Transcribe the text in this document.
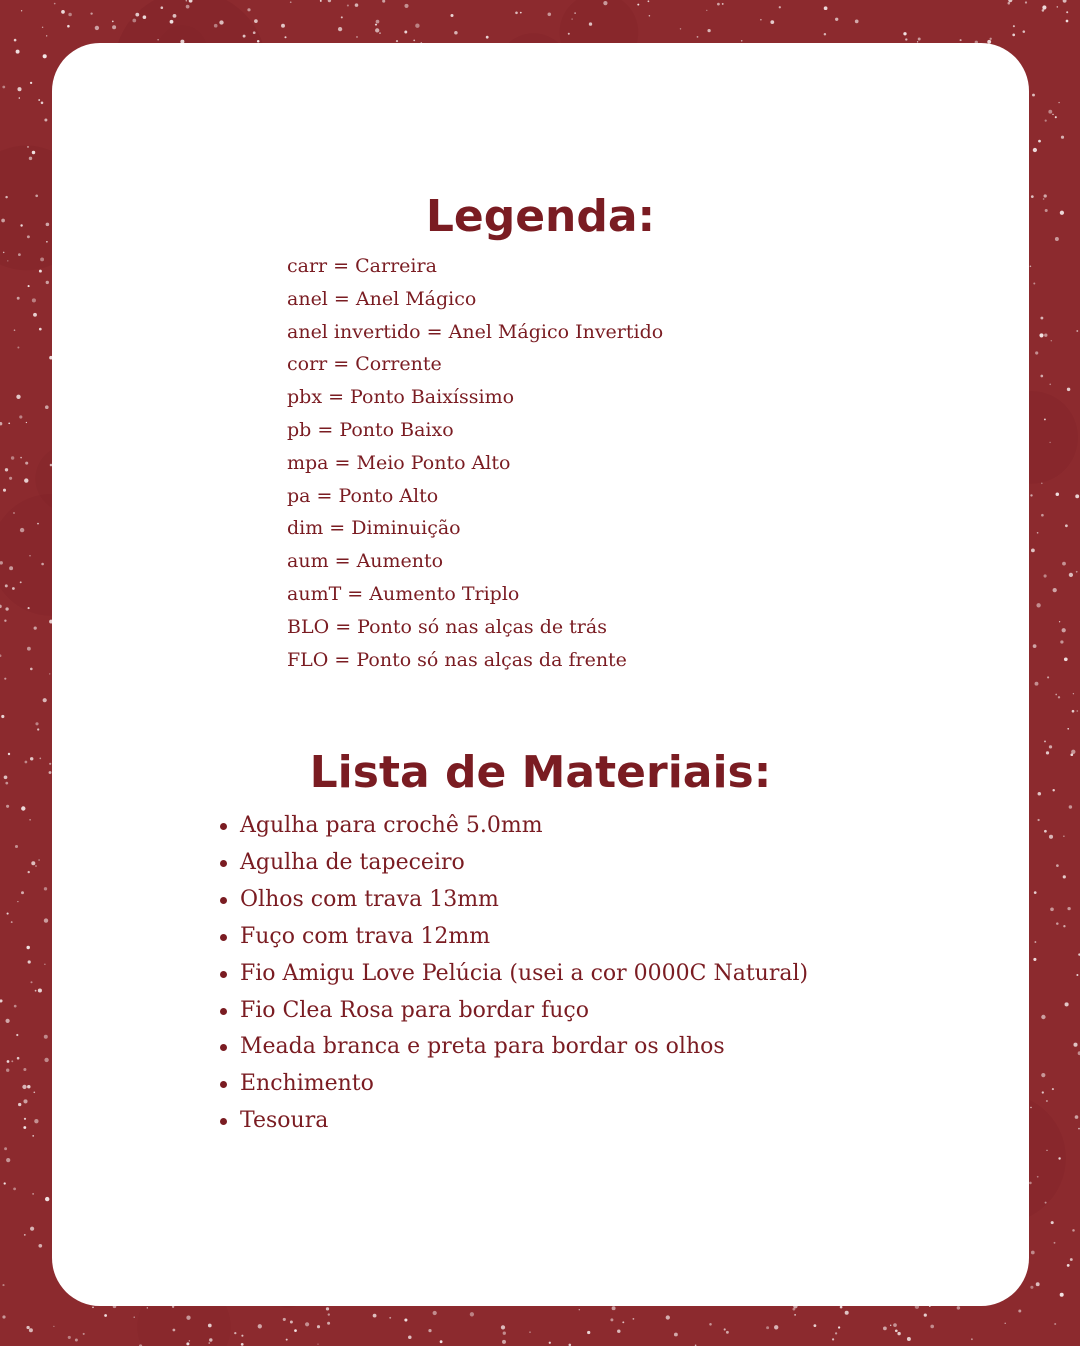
Legenda:
carr = Carreira
anel = Anel Mágico
anel invertido = Anel Mágico Invertido
corr = Corrente
pbx = Ponto Baixíssimo
pb = Ponto Baixo
mpa = Meio Ponto Alto
pa = Ponto Alto
dim = Diminuição
aum = Aumento
aumT = Aumento Triplo
BLO = Ponto só nas alças de trás
FLO = Ponto só nas alças da frente
Lista de Materiais:
Agulha para crochê 5.0mm
Agulha de tapeceiro
Olhos com trava 13mm
Fuço com trava 12mm
Fio Amigu Love Pelúcia (usei a cor 0000C Natural)
Fio Clea Rosa para bordar fuço
Meada branca e preta para bordar os olhos
Enchimento
Tesoura
